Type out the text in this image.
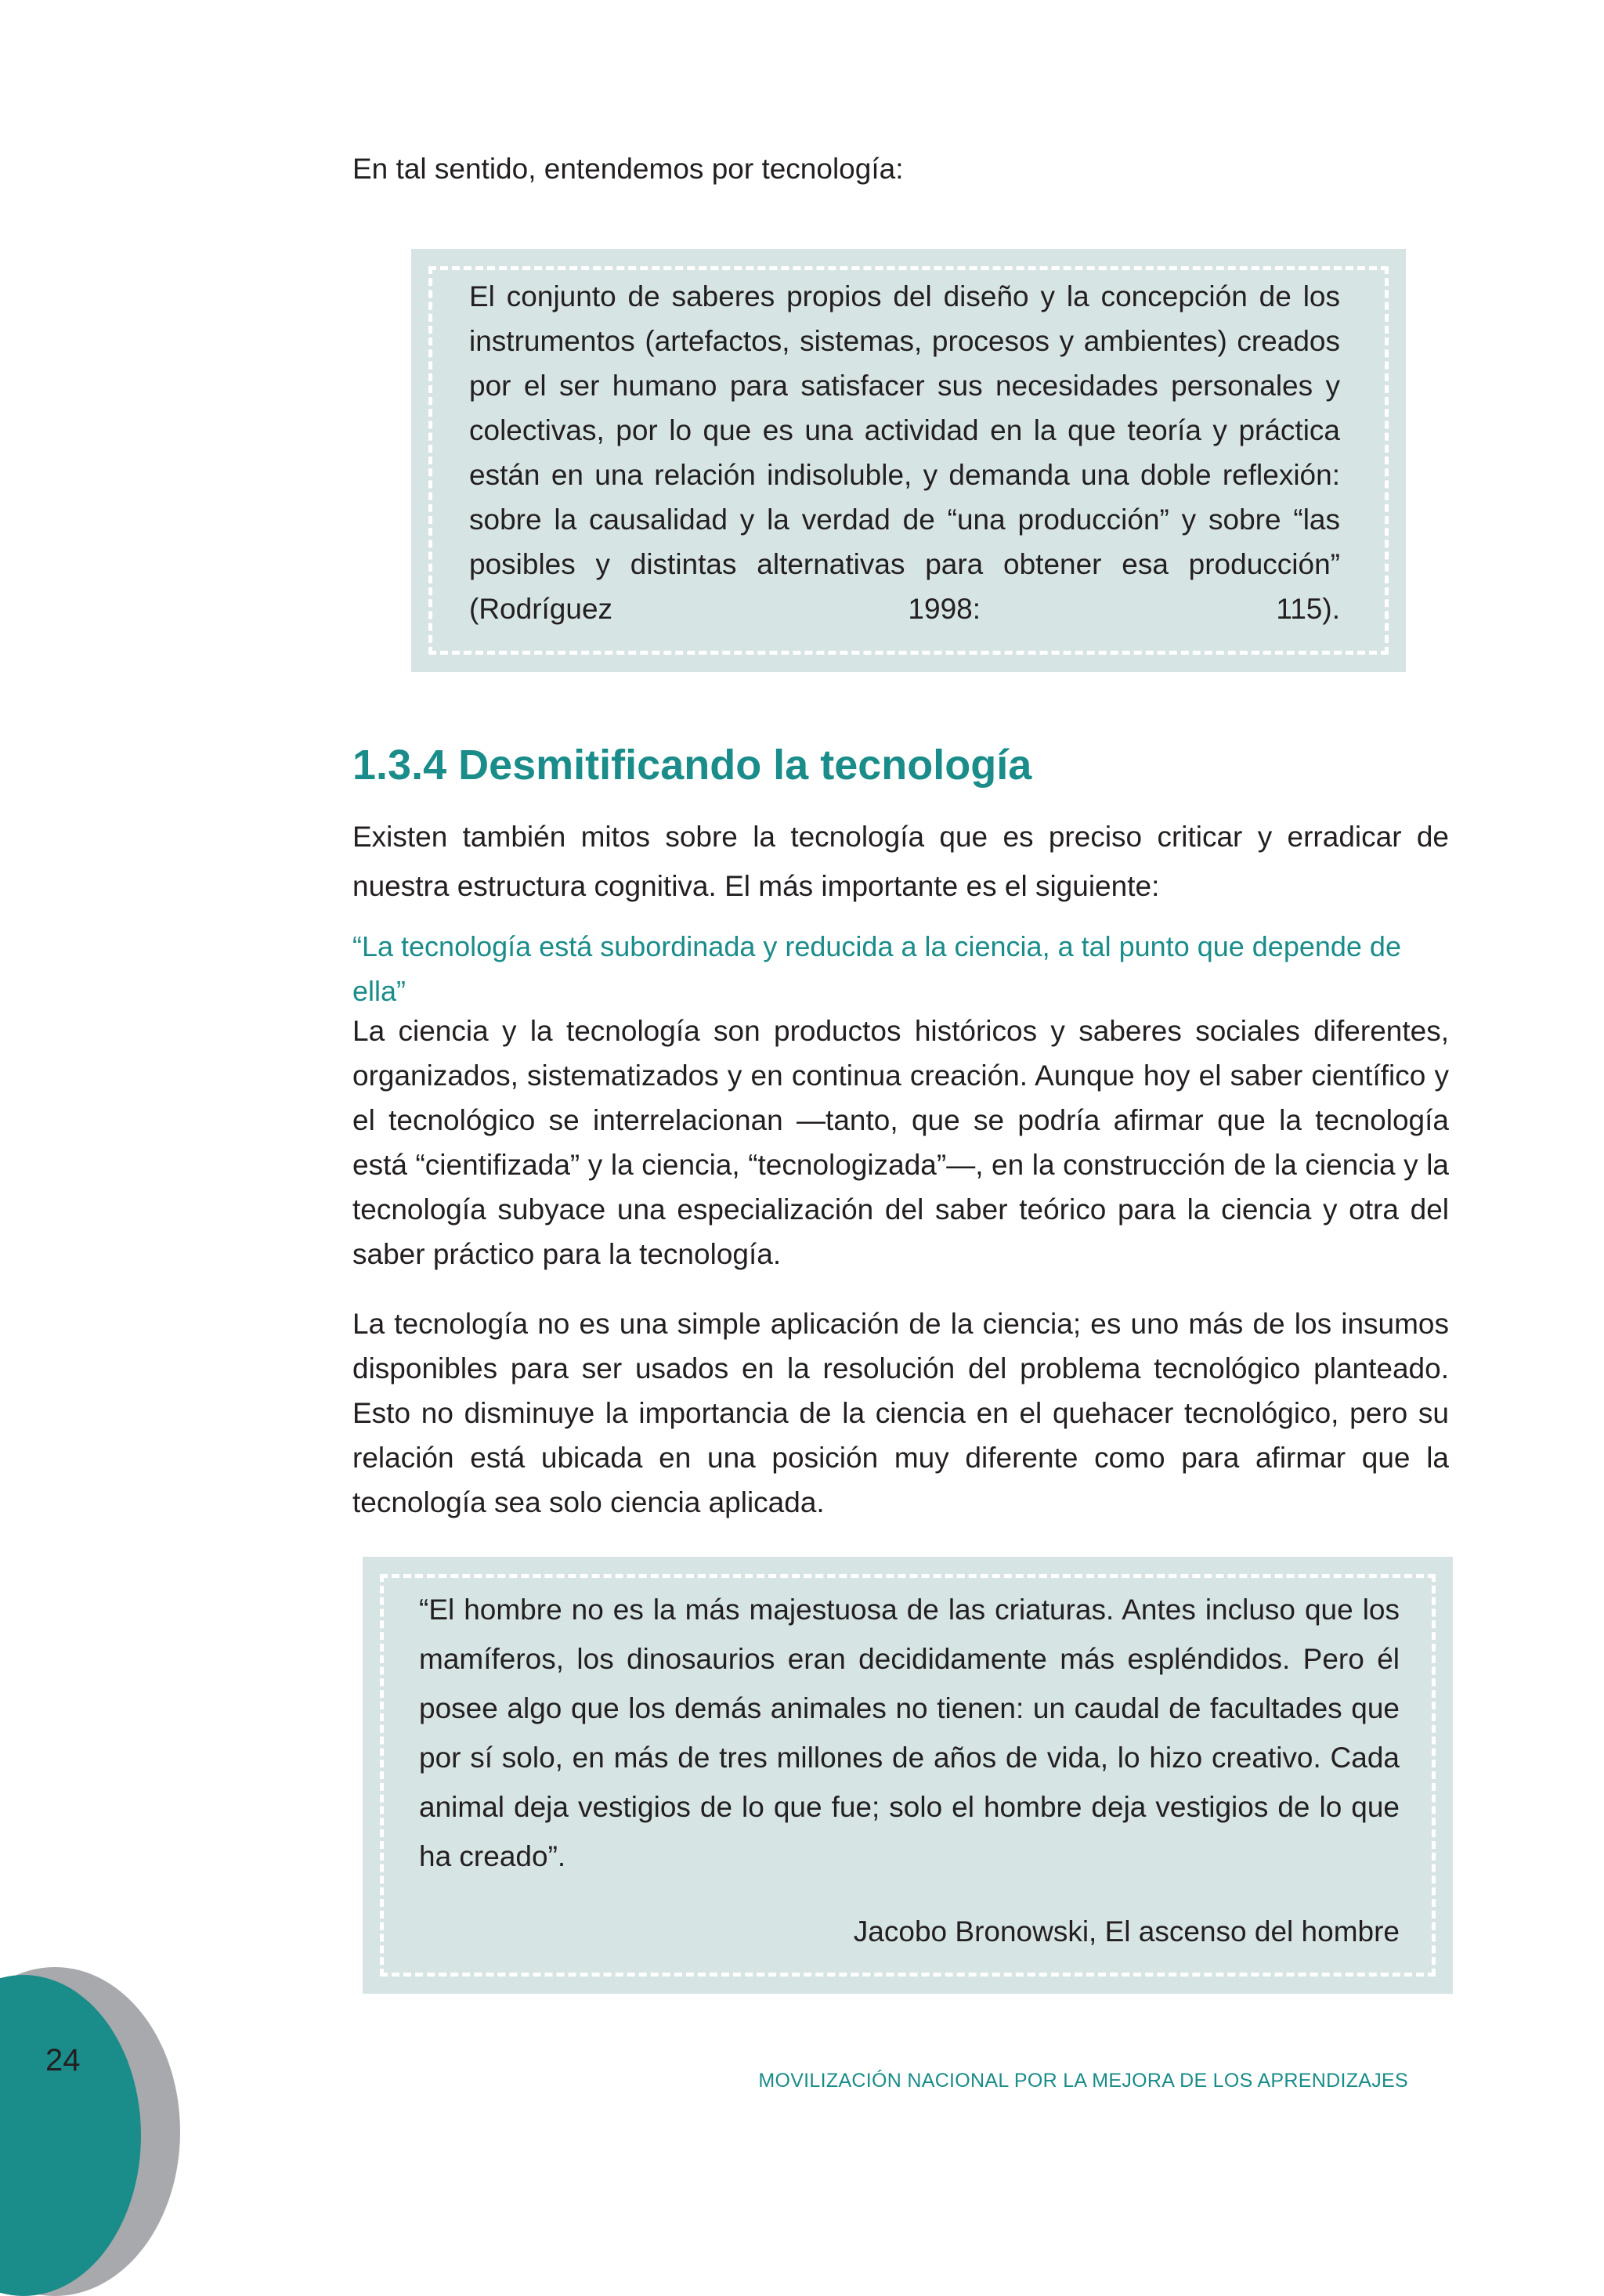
En tal sentido, entendemos por tecnología:

El conjunto de saberes propios del diseño y la concepción de los

instrumentos (artefactos, sistemas, procesos y ambientes) creados

por el ser humano para satisfacer sus necesidades personales y

colectivas, por lo que es una actividad en la que teoría y práctica

están en una relación indisoluble, y demanda una doble reflexión:

sobre la causalidad y la verdad de “una producción” y sobre “las

posibles y distintas alternativas para obtener esa producción”

(Rodríguez 1998: 115).

1.3.4 Desmitificando la tecnología

Existen también mitos sobre la tecnología que es preciso criticar y erradicar de nuestra estructura cognitiva. El más importante es el siguiente:

“La tecnología está subordinada y reducida a la ciencia, a tal punto que depende de ella”

La ciencia y la tecnología son productos históricos y saberes sociales diferentes, organizados, sistematizados y en continua creación. Aunque hoy el saber científico y el tecnológico se interrelacionan —tanto, que se podría afirmar que la tecnología está “cientifizada” y la ciencia, “tecnologizada”—, en la construcción de la ciencia y la tecnología subyace una especialización del saber teórico para la ciencia y otra del saber práctico para la tecnología.

La tecnología no es una simple aplicación de la ciencia; es uno más de los insumos disponibles para ser usados en la resolución del problema tecnológico planteado. Esto no disminuye la importancia de la ciencia en el quehacer tecnológico, pero su relación está ubicada en una posición muy diferente como para afirmar que la tecnología sea solo ciencia aplicada.

“El hombre no es la más majestuosa de las criaturas. Antes incluso que los mamíferos, los dinosaurios eran decididamente más espléndidos. Pero él posee algo que los demás animales no tienen: un caudal de facultades que por sí solo, en más de tres millones de años de vida, lo hizo creativo. Cada animal deja vestigios de lo que fue; solo el hombre deja vestigios de lo que ha creado”.

Jacobo Bronowski, El ascenso del hombre

24

MOVILIZACIÓN NACIONAL POR LA MEJORA DE LOS APRENDIZAJES
